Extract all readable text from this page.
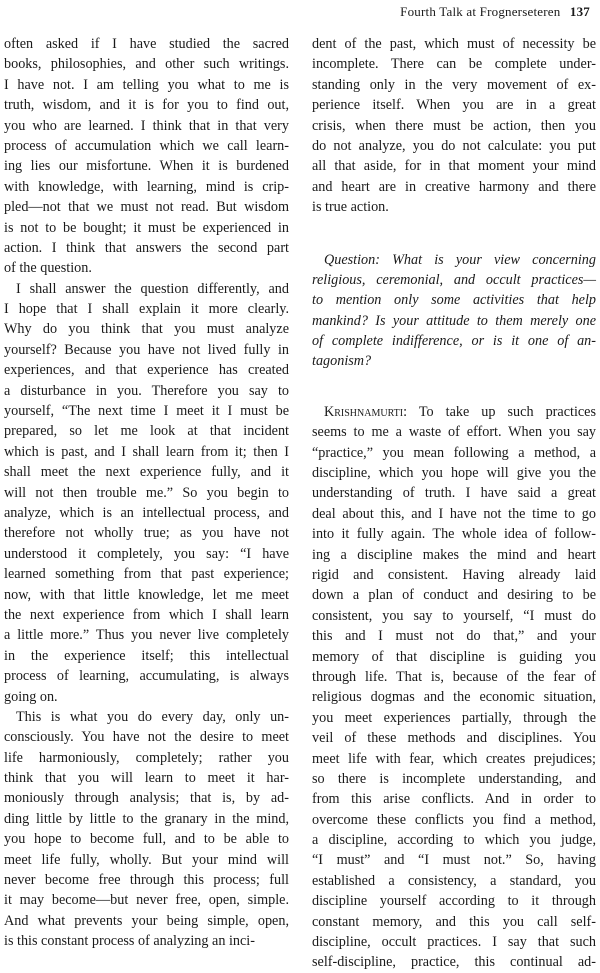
Fourth Talk at Frognerseteren 137
often asked if I have studied the sacred
books, philosophies, and other such writings.
I have not. I am telling you what to me is
truth, wisdom, and it is for you to find out,
you who are learned. I think that in that very
process of accumulation which we call learn-
ing lies our misfortune. When it is burdened
with knowledge, with learning, mind is crip-
pled—not that we must not read. But wisdom
is not to be bought; it must be experienced in
action. I think that answers the second part
of the question.
I shall answer the question differently, and
I hope that I shall explain it more clearly.
Why do you think that you must analyze
yourself? Because you have not lived fully in
experiences, and that experience has created
a disturbance in you. Therefore you say to
yourself, “The next time I meet it I must be
prepared, so let me look at that incident
which is past, and I shall learn from it; then I
shall meet the next experience fully, and it
will not then trouble me.” So you begin to
analyze, which is an intellectual process, and
therefore not wholly true; as you have not
understood it completely, you say: “I have
learned something from that past experience;
now, with that little knowledge, let me meet
the next experience from which I shall learn
a little more.” Thus you never live completely
in the experience itself; this intellectual
process of learning, accumulating, is always
going on.
This is what you do every day, only un-
consciously. You have not the desire to meet
life harmoniously, completely; rather you
think that you will learn to meet it har-
moniously through analysis; that is, by ad-
ding little by little to the granary in the mind,
you hope to become full, and to be able to
meet life fully, wholly. But your mind will
never become free through this process; full
it may become—but never free, open, simple.
And what prevents your being simple, open,
is this constant process of analyzing an inci-
dent of the past, which must of necessity be
incomplete. There can be complete under-
standing only in the very movement of ex-
perience itself. When you are in a great
crisis, when there must be action, then you
do not analyze, you do not calculate: you put
all that aside, for in that moment your mind
and heart are in creative harmony and there
is true action.
Question: What is your view concerning
religious, ceremonial, and occult practices—
to mention only some activities that help
mankind? Is your attitude to them merely one
of complete indifference, or is it one of an-
tagonism?
Krishnamurti: To take up such practices
seems to me a waste of effort. When you say
“practice,” you mean following a method, a
discipline, which you hope will give you the
understanding of truth. I have said a great
deal about this, and I have not the time to go
into it fully again. The whole idea of follow-
ing a discipline makes the mind and heart
rigid and consistent. Having already laid
down a plan of conduct and desiring to be
consistent, you say to yourself, “I must do
this and I must not do that,” and your
memory of that discipline is guiding you
through life. That is, because of the fear of
religious dogmas and the economic situation,
you meet experiences partially, through the
veil of these methods and disciplines. You
meet life with fear, which creates prejudices;
so there is incomplete understanding, and
from this arise conflicts. And in order to
overcome these conflicts you find a method,
a discipline, according to which you judge,
“I must” and “I must not.” So, having
established a consistency, a standard, you
discipline yourself according to it through
constant memory, and this you call self-
discipline, occult practices. I say that such
self-discipline, practice, this continual ad-
